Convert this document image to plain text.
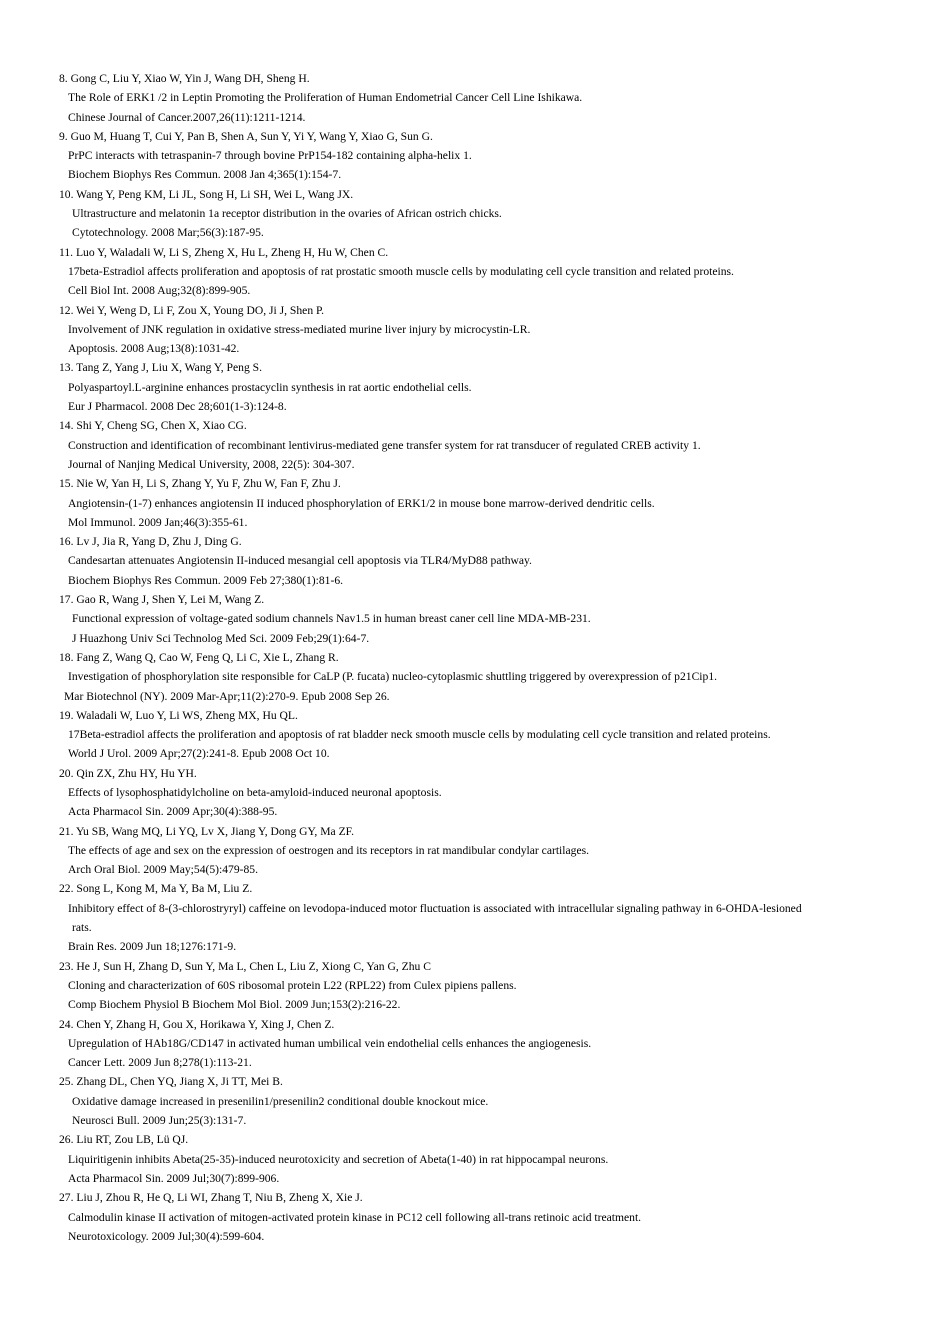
8. Gong C, Liu Y, Xiao W, Yin J, Wang DH, Sheng H.
The Role of ERK1 /2 in Leptin Promoting the Proliferation of Human Endometrial Cancer Cell Line Ishikawa.
Chinese Journal of Cancer.2007,26(11):1211-1214.
9. Guo M, Huang T, Cui Y, Pan B, Shen A, Sun Y, Yi Y, Wang Y, Xiao G, Sun G.
PrPC interacts with tetraspanin-7 through bovine PrP154-182 containing alpha-helix 1.
Biochem Biophys Res Commun. 2008 Jan 4;365(1):154-7.
10. Wang Y, Peng KM, Li JL, Song H, Li SH, Wei L, Wang JX.
Ultrastructure and melatonin 1a receptor distribution in the ovaries of African ostrich chicks.
Cytotechnology. 2008 Mar;56(3):187-95.
11. Luo Y, Waladali W, Li S, Zheng X, Hu L, Zheng H, Hu W, Chen C.
17beta-Estradiol affects proliferation and apoptosis of rat prostatic smooth muscle cells by modulating cell cycle transition and related proteins.
Cell Biol Int. 2008 Aug;32(8):899-905.
12. Wei Y, Weng D, Li F, Zou X, Young DO, Ji J, Shen P.
Involvement of JNK regulation in oxidative stress-mediated murine liver injury by microcystin-LR.
Apoptosis. 2008 Aug;13(8):1031-42.
13. Tang Z, Yang J, Liu X, Wang Y, Peng S.
Polyaspartoyl.L-arginine enhances prostacyclin synthesis in rat aortic endothelial cells.
Eur J Pharmacol. 2008 Dec 28;601(1-3):124-8.
14. Shi Y, Cheng SG, Chen X, Xiao CG.
Construction and identification of recombinant lentivirus-mediated gene transfer system for rat transducer of regulated CREB activity 1.
Journal of Nanjing Medical University, 2008, 22(5): 304-307.
15. Nie W, Yan H, Li S, Zhang Y, Yu F, Zhu W, Fan F, Zhu J.
Angiotensin-(1-7) enhances angiotensin II induced phosphorylation of ERK1/2 in mouse bone marrow-derived dendritic cells.
Mol Immunol. 2009 Jan;46(3):355-61.
16. Lv J, Jia R, Yang D, Zhu J, Ding G.
Candesartan attenuates Angiotensin II-induced mesangial cell apoptosis via TLR4/MyD88 pathway.
Biochem Biophys Res Commun. 2009 Feb 27;380(1):81-6.
17. Gao R, Wang J, Shen Y, Lei M, Wang Z.
Functional expression of voltage-gated sodium channels Nav1.5 in human breast caner cell line MDA-MB-231.
J Huazhong Univ Sci Technolog Med Sci. 2009 Feb;29(1):64-7.
18. Fang Z, Wang Q, Cao W, Feng Q, Li C, Xie L, Zhang R.
Investigation of phosphorylation site responsible for CaLP (P. fucata) nucleo-cytoplasmic shuttling triggered by overexpression of p21Cip1.
Mar Biotechnol (NY). 2009 Mar-Apr;11(2):270-9. Epub 2008 Sep 26.
19. Waladali W, Luo Y, Li WS, Zheng MX, Hu QL.
17Beta-estradiol affects the proliferation and apoptosis of rat bladder neck smooth muscle cells by modulating cell cycle transition and related proteins.
World J Urol. 2009 Apr;27(2):241-8. Epub 2008 Oct 10.
20. Qin ZX, Zhu HY, Hu YH.
Effects of lysophosphatidylcholine on beta-amyloid-induced neuronal apoptosis.
Acta Pharmacol Sin. 2009 Apr;30(4):388-95.
21. Yu SB, Wang MQ, Li YQ, Lv X, Jiang Y, Dong GY, Ma ZF.
The effects of age and sex on the expression of oestrogen and its receptors in rat mandibular condylar cartilages.
Arch Oral Biol. 2009 May;54(5):479-85.
22. Song L, Kong M, Ma Y, Ba M, Liu Z.
Inhibitory effect of 8-(3-chlorostryryl) caffeine on levodopa-induced motor fluctuation is associated with intracellular signaling pathway in 6-OHDA-lesioned
rats.
Brain Res. 2009 Jun 18;1276:171-9.
23. He J, Sun H, Zhang D, Sun Y, Ma L, Chen L, Liu Z, Xiong C, Yan G, Zhu C
Cloning and characterization of 60S ribosomal protein L22 (RPL22) from Culex pipiens pallens.
Comp Biochem Physiol B Biochem Mol Biol. 2009 Jun;153(2):216-22.
24. Chen Y, Zhang H, Gou X, Horikawa Y, Xing J, Chen Z.
Upregulation of HAb18G/CD147 in activated human umbilical vein endothelial cells enhances the angiogenesis.
Cancer Lett. 2009 Jun 8;278(1):113-21.
25. Zhang DL, Chen YQ, Jiang X, Ji TT, Mei B.
Oxidative damage increased in presenilin1/presenilin2 conditional double knockout mice.
Neurosci Bull. 2009 Jun;25(3):131-7.
26. Liu RT, Zou LB, Lü QJ.
Liquiritigenin inhibits Abeta(25-35)-induced neurotoxicity and secretion of Abeta(1-40) in rat hippocampal neurons.
Acta Pharmacol Sin. 2009 Jul;30(7):899-906.
27. Liu J, Zhou R, He Q, Li WI, Zhang T, Niu B, Zheng X, Xie J.
Calmodulin kinase II activation of mitogen-activated protein kinase in PC12 cell following all-trans retinoic acid treatment.
Neurotoxicology. 2009 Jul;30(4):599-604.
